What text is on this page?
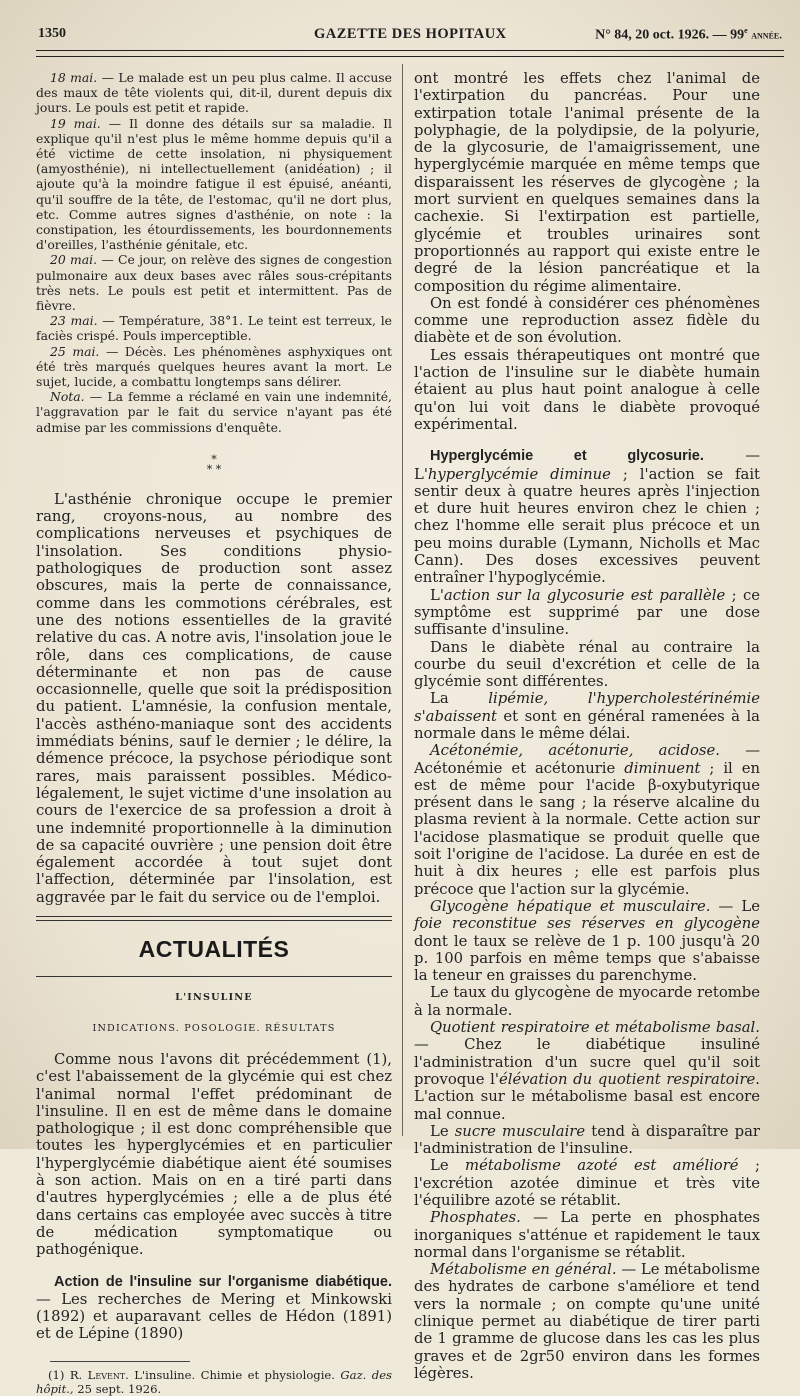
1350	GAZETTE DES HOPITAUX	N° 84, 20 oct. 1926. — 99e année.

18 mai. — Le malade est un peu plus calme. Il accuse des maux de tête violents qui, dit-il, durent depuis dix jours. Le pouls est petit et rapide.

19 mai. — Il donne des détails sur sa maladie. Il explique qu'il n'est plus le même homme depuis qu'il a été victime de cette insolation, ni physiquement (amyosthénie), ni intellectuellement (anidéation) ; il ajoute qu'à la moindre fatigue il est épuisé, anéanti, qu'il souffre de la tête, de l'estomac, qu'il ne dort plus, etc. Comme autres signes d'asthénie, on note : la constipation, les étourdissements, les bourdonnements d'oreilles, l'asthénie génitale, etc.

20 mai. — Ce jour, on relève des signes de congestion pulmonaire aux deux bases avec râles sous-crépitants très nets. Le pouls est petit et intermittent. Pas de fièvre.

23 mai. — Température, 38°1. Le teint est terreux, le faciès crispé. Pouls imperceptible.

25 mai. — Décès. Les phénomènes asphyxiques ont été très marqués quelques heures avant la mort. Le sujet, lucide, a combattu longtemps sans délirer.

Nota. — La femme a réclamé en vain une indemnité, l'aggravation par le fait du service n'ayant pas été admise par les commissions d'enquête.

*
* *

L'asthénie chronique occupe le premier rang, croyons-nous, au nombre des complications nerveuses et psychiques de l'insolation. Ses conditions physio-pathologiques de production sont assez obscures, mais la perte de connaissance, comme dans les commotions cérébrales, est une des notions essentielles de la gravité relative du cas. A notre avis, l'insolation joue le rôle, dans ces complications, de cause déterminante et non pas de cause occasionnelle, quelle que soit la prédisposition du patient. L'amnésie, la confusion mentale, l'accès asthéno-maniaque sont des accidents immédiats bénins, sauf le dernier ; le délire, la démence précoce, la psychose périodique sont rares, mais paraissent possibles. Médico-légalement, le sujet victime d'une insolation au cours de l'exercice de sa profession a droit à une indemnité proportionnelle à la diminution de sa capacité ouvrière ; une pension doit être également accordée à tout sujet dont l'affection, déterminée par l'insolation, est aggravée par le fait du service ou de l'emploi.

ACTUALITÉS
L'INSULINE
INDICATIONS. POSOLOGIE. RÉSULTATS

Comme nous l'avons dit précédemment (1), c'est l'abaissement de la glycémie qui est chez l'animal normal l'effet prédominant de l'insuline. Il en est de même dans le domaine pathologique ; il est donc compréhensible que toutes les hyperglycémies et en particulier l'hyperglycémie diabétique aient été soumises à son action. Mais on en a tiré parti dans d'autres hyperglycémies ; elle a de plus été dans certains cas employée avec succès à titre de médication symptomatique ou pathogénique.

Action de l'insuline sur l'organisme diabétique. — Les recherches de Mering et Minkowski (1892) et auparavant celles de Hédon (1891) et de Lépine (1890)

(1) R. Levent. L'insuline. Chimie et physiologie. Gaz. des hôpit., 25 sept. 1926.

ont montré les effets chez l'animal de l'extirpation du pancréas. Pour une extirpation totale l'animal présente de la polyphagie, de la polydipsie, de la polyurie, de la glycosurie, de l'amaigrissement, une hyperglycémie marquée en même temps que disparaissent les réserves de glycogène ; la mort survient en quelques semaines dans la cachexie. Si l'extirpation est partielle, glycémie et troubles urinaires sont proportionnés au rapport qui existe entre le degré de la lésion pancréatique et la composition du régime alimentaire.

On est fondé à considérer ces phénomènes comme une reproduction assez fidèle du diabète et de son évolution.

Les essais thérapeutiques ont montré que l'action de l'insuline sur le diabète humain étaient au plus haut point analogue à celle qu'on lui voit dans le diabète provoqué expérimental.

Hyperglycémie et glycosurie. — L'hyperglycémie diminue ; l'action se fait sentir deux à quatre heures après l'injection et dure huit heures environ chez le chien ; chez l'homme elle serait plus précoce et un peu moins durable (Lymann, Nicholls et Mac Cann). Des doses excessives peuvent entraîner l'hypoglycémie.

L'action sur la glycosurie est parallèle ; ce symptôme est supprimé par une dose suffisante d'insuline.

Dans le diabète rénal au contraire la courbe du seuil d'excrétion et celle de la glycémie sont différentes.

La lipémie, l'hypercholestérinémie s'abaissent et sont en général ramenées à la normale dans le même délai.

Acétonémie, acétonurie, acidose. — Acétonémie et acétonurie diminuent ; il en est de même pour l'acide β-oxybutyrique présent dans le sang ; la réserve alcaline du plasma revient à la normale. Cette action sur l'acidose plasmatique se produit quelle que soit l'origine de l'acidose. La durée en est de huit à dix heures ; elle est parfois plus précoce que l'action sur la glycémie.

Glycogène hépatique et musculaire. — Le foie reconstitue ses réserves en glycogène dont le taux se relève de 1 p. 100 jusqu'à 20 p. 100 parfois en même temps que s'abaisse la teneur en graisses du parenchyme.

Le taux du glycogène de myocarde retombe à la normale.

Quotient respiratoire et métabolisme basal. — Chez le diabétique insuliné l'administration d'un sucre quel qu'il soit provoque l'élévation du quotient respiratoire. L'action sur le métabolisme basal est encore mal connue.

Le sucre musculaire tend à disparaître par l'administration de l'insuline.

Le métabolisme azoté est amélioré ; l'excrétion azotée diminue et très vite l'équilibre azoté se rétablit.

Phosphates. — La perte en phosphates inorganiques s'atténue et rapidement le taux normal dans l'organisme se rétablit.

Métabolisme en général. — Le métabolisme des hydrates de carbone s'améliore et tend vers la normale ; on compte qu'une unité clinique permet au diabétique de tirer parti de 1 gramme de glucose dans les cas les plus graves et de 2gr50 environ dans les formes légères.
